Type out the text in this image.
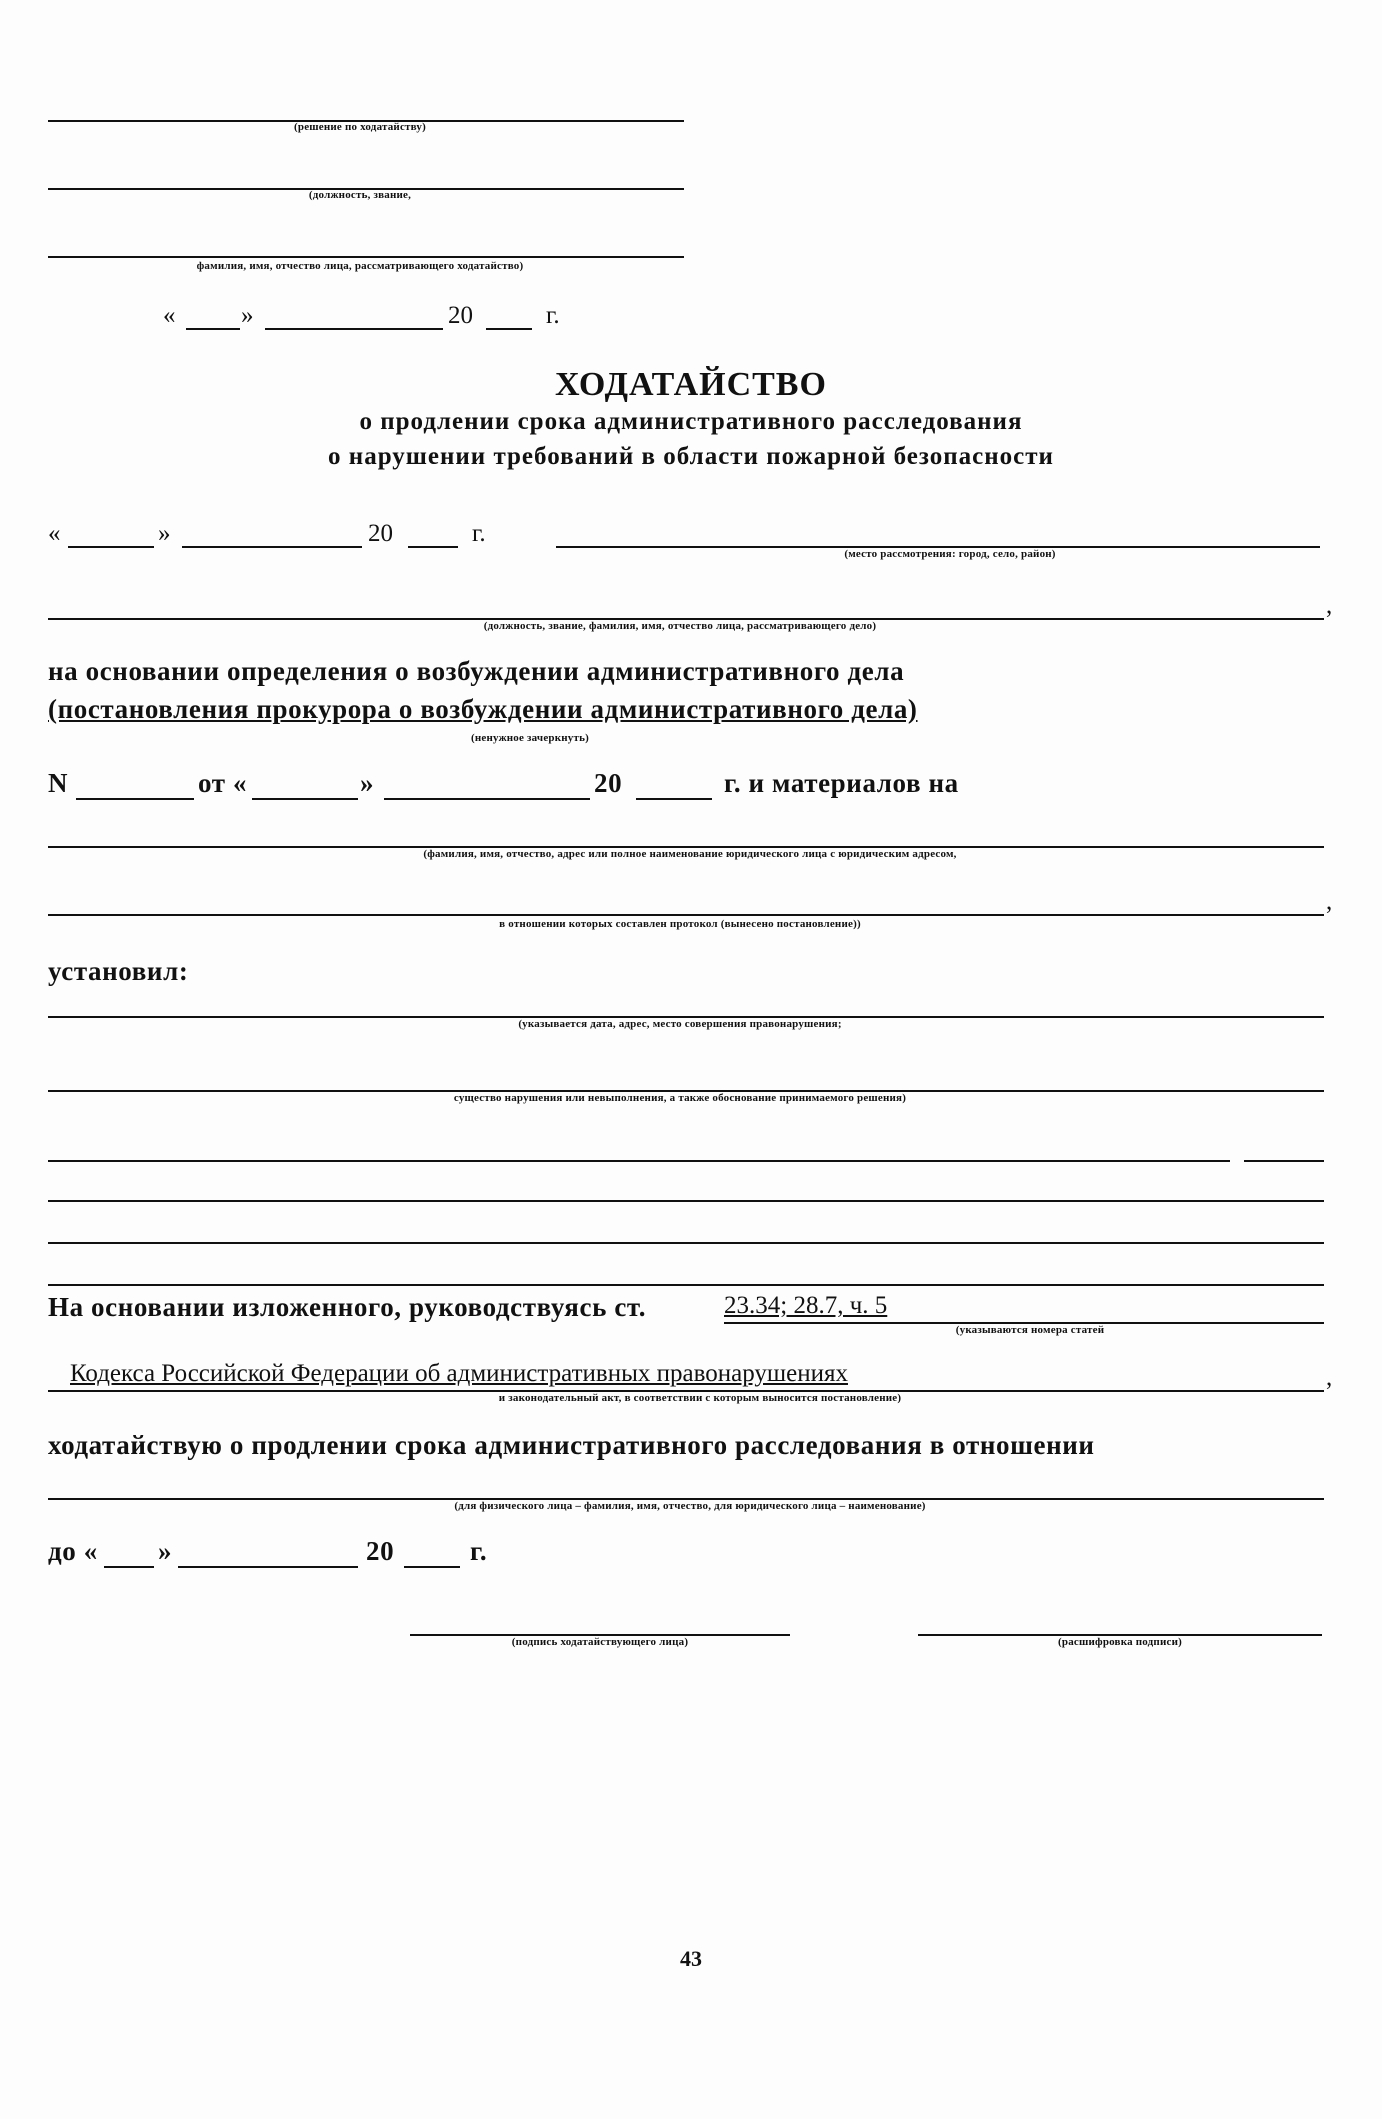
(решение по ходатайству)
(должность, звание,
фамилия, имя, отчество лица, рассматривающего ходатайство)
«	»	20	г.
ХОДАТАЙСТВО
о продлении срока административного расследования
о нарушении требований в области пожарной безопасности
«	»	20	г.
(место рассмотрения: город, село, район)
,
(должность, звание, фамилия, имя, отчество лица, рассматривающего дело)
на основании определения о возбуждении административного дела
(постановления прокурора о возбуждении административного дела)
(ненужное зачеркнуть)
N	от «	»	20	г. и материалов на
(фамилия, имя, отчество, адрес или полное наименование юридического лица с юридическим адресом,
,
в отношении которых составлен протокол (вынесено постановление))
установил:
(указывается дата, адрес, место совершения правонарушения;
существо нарушения или невыполнения, а также обоснование принимаемого решения)
На основании изложенного, руководствуясь ст.	23.34; 28.7, ч. 5
(указываются номера статей
Кодекса Российской Федерации об административных правонарушениях	,
и законодательный акт, в соответствии с которым выносится постановление)
ходатайствую о продлении срока административного расследования в отношении
(для физического лица – фамилия, имя, отчество, для юридического лица – наименование)
до « »	20	г.
(подпись ходатайствующего лица)	(расшифровка подписи)
43
